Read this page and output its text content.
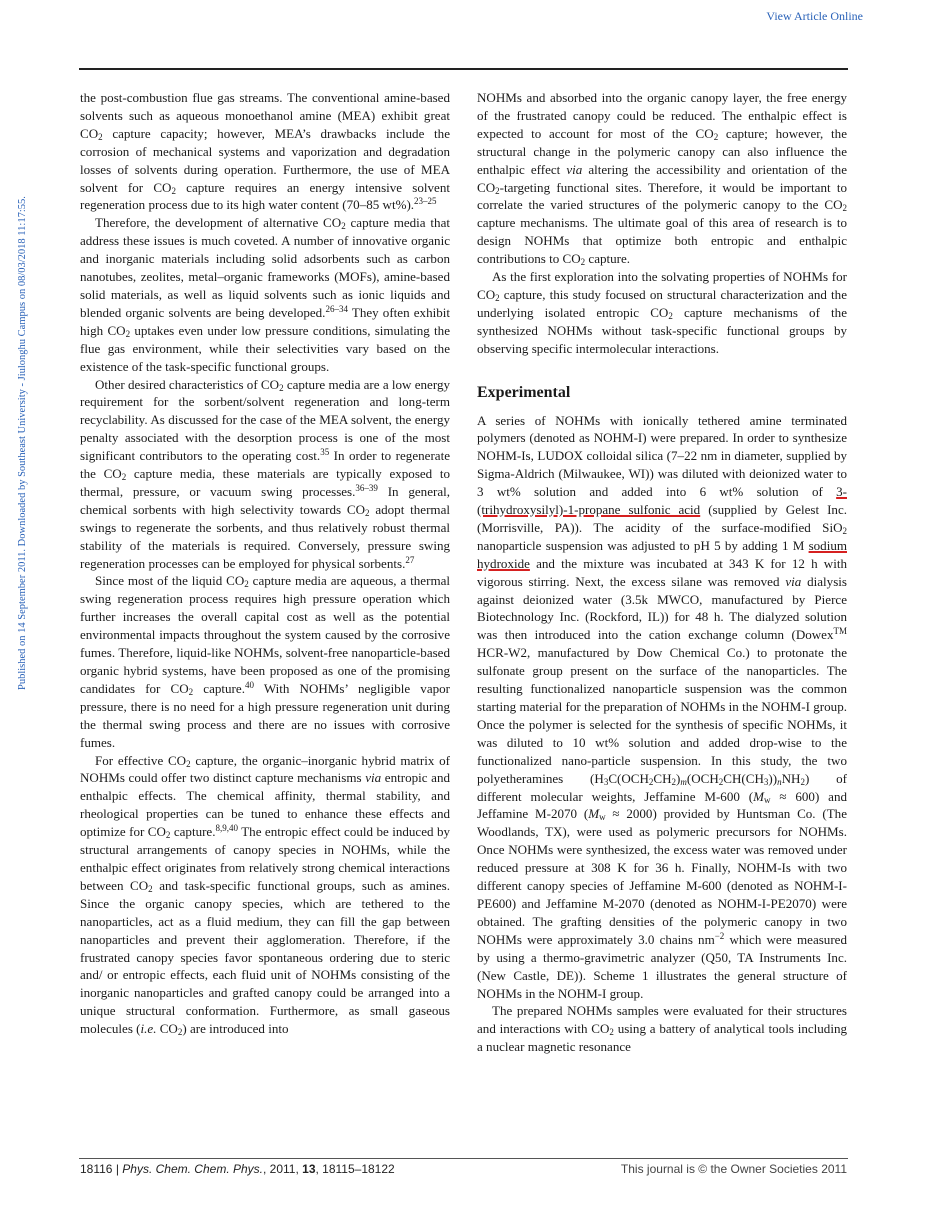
View Article Online
Published on 14 September 2011. Downloaded by Southeast University - Jiulonghu Campus on 08/03/2018 11:17:55.

the post-combustion flue gas streams. The conventional amine-based solvents such as aqueous monoethanol amine (MEA) exhibit great $CO_2$ capture capacity; however, MEA’s drawbacks include the corrosion of mechanical systems and vaporization and degradation losses of solvents during operation. Furthermore, the use of MEA solvent for $CO_2$ capture requires an energy intensive solvent regeneration process due to its high water content (70–85 wt%).$^{23-25}$

Therefore, the development of alternative $CO_2$ capture media that address these issues is much coveted. A number of innovative organic and inorganic materials including solid adsorbents such as carbon nanotubes, zeolites, metal–organic frameworks (MOFs), amine-based solid materials, as well as liquid solvents such as ionic liquids and blended organic solvents are being developed.$^{26-34}$ They often exhibit high $CO_2$ uptakes even under low pressure conditions, simulating the flue gas environment, while their selectivities vary based on the existence of the task-specific functional groups.

Other desired characteristics of $CO_2$ capture media are a low energy requirement for the sorbent/solvent regeneration and long-term recyclability. As discussed for the case of the MEA solvent, the energy penalty associated with the desorption process is one of the most significant contributors to the operating cost.$^{35}$ In order to regenerate the $CO_2$ capture media, these materials are typically exposed to thermal, pressure, or vacuum swing processes.$^{36-39}$ In general, chemical sorbents with high selectivity towards $CO_2$ adopt thermal swings to regenerate the sorbents, and thus relatively robust thermal stability of the materials is required. Conversely, pressure swing regeneration processes can be employed for physical sorbents.$^{27}$

Since most of the liquid $CO_2$ capture media are aqueous, a thermal swing regeneration process requires high pressure operation which further increases the overall capital cost as well as the potential environmental impacts throughout the system caused by the corrosive fumes. Therefore, liquid-like NOHMs, solvent-free nanoparticle-based organic hybrid systems, have been proposed as one of the promising candidates for $CO_2$ capture.$^{40}$ With NOHMs’ negligible vapor pressure, there is no need for a high pressure regeneration unit during the thermal swing process and there are no issues with corrosive fumes.

For effective $CO_2$ capture, the organic–inorganic hybrid matrix of NOHMs could offer two distinct capture mechanisms via entropic and enthalpic effects. The chemical affinity, thermal stability, and rheological properties can be tuned to enhance these effects and optimize for $CO_2$ capture.$^{8,9,40}$ The entropic effect could be induced by structural arrangements of canopy species in NOHMs, while the enthalpic effect originates from relatively strong chemical interactions between $CO_2$ and task-specific functional groups, such as amines. Since the organic canopy species, which are tethered to the nanoparticles, act as a fluid medium, they can fill the gap between nanoparticles and prevent their agglomeration. Therefore, if the frustrated canopy species favor spontaneous ordering due to steric and/ or entropic effects, each fluid unit of NOHMs consisting of the inorganic nanoparticles and grafted canopy could be arranged into a unique structural conformation. Furthermore, as small gaseous molecules (i.e. $CO_2$) are introduced into

NOHMs and absorbed into the organic canopy layer, the free energy of the frustrated canopy could be reduced. The enthalpic effect is expected to account for most of the $CO_2$ capture; however, the structural change in the polymeric canopy can also influence the enthalpic effect via altering the accessibility and orientation of the $CO_2$-targeting functional sites. Therefore, it would be important to correlate the varied structures of the polymeric canopy to the $CO_2$ capture mechanisms. The ultimate goal of this area of research is to design NOHMs that optimize both entropic and enthalpic contributions to $CO_2$ capture.

As the first exploration into the solvating properties of NOHMs for $CO_2$ capture, this study focused on structural characterization and the underlying isolated entropic $CO_2$ capture mechanisms of the synthesized NOHMs without task-specific functional groups by observing specific intermolecular interactions.

Experimental

A series of NOHMs with ionically tethered amine terminated polymers (denoted as NOHM-I) were prepared. In order to synthesize NOHM-Is, LUDOX colloidal silica (7–22 nm in diameter, supplied by Sigma-Aldrich (Milwaukee, WI)) was diluted with deionized water to 3 wt% solution and added into 6 wt% solution of 3-(trihydroxysilyl)-1-propane sulfonic acid (supplied by Gelest Inc. (Morrisville, PA)). The acidity of the surface-modified SiO$_2$ nanoparticle suspension was adjusted to pH 5 by adding 1 M sodium hydroxide and the mixture was incubated at 343 K for 12 h with vigorous stirring. Next, the excess silane was removed via dialysis against deionized water (3.5k MWCO, manufactured by Pierce Biotechnology Inc. (Rockford, IL)) for 48 h. The dialyzed solution was then introduced into the cation exchange column (Dowex™ HCR-W2, manufactured by Dow Chemical Co.) to protonate the sulfonate group present on the surface of the nanoparticles. The resulting functionalized nanoparticle suspension was the common starting material for the preparation of NOHMs in the NOHM-I group. Once the polymer is selected for the synthesis of specific NOHMs, it was diluted to 10 wt% solution and added drop-wise to the functionalized nano-particle suspension. In this study, the two polyetheramines $(H_3C(OCH_2CH_2)_m(OCH_2CH(CH_3))_nNH_2)$ of different molecular weights, Jeffamine M-600 $(M_w \approx 600)$ and Jeffamine M-2070 $(M_w \approx 2000)$ provided by Huntsman Co. (The Woodlands, TX), were used as polymeric precursors for NOHMs. Once NOHMs were synthesized, the excess water was removed under reduced pressure at 308 K for 36 h. Finally, NOHM-Is with two different canopy species of Jeffamine M-600 (denoted as NOHM-I-PE600) and Jeffamine M-2070 (denoted as NOHM-I-PE2070) were obtained. The grafting densities of the polymeric canopy in two NOHMs were approximately 3.0 chains $nm^{-2}$ which were measured by using a thermo-gravimetric analyzer (Q50, TA Instruments Inc. (New Castle, DE)). Scheme 1 illustrates the general structure of NOHMs in the NOHM-I group.

The prepared NOHMs samples were evaluated for their structures and interactions with $CO_2$ using a battery of analytical tools including a nuclear magnetic resonance

18116 | Phys. Chem. Chem. Phys., 2011, 13, 18115–18122	This journal is © the Owner Societies 2011
